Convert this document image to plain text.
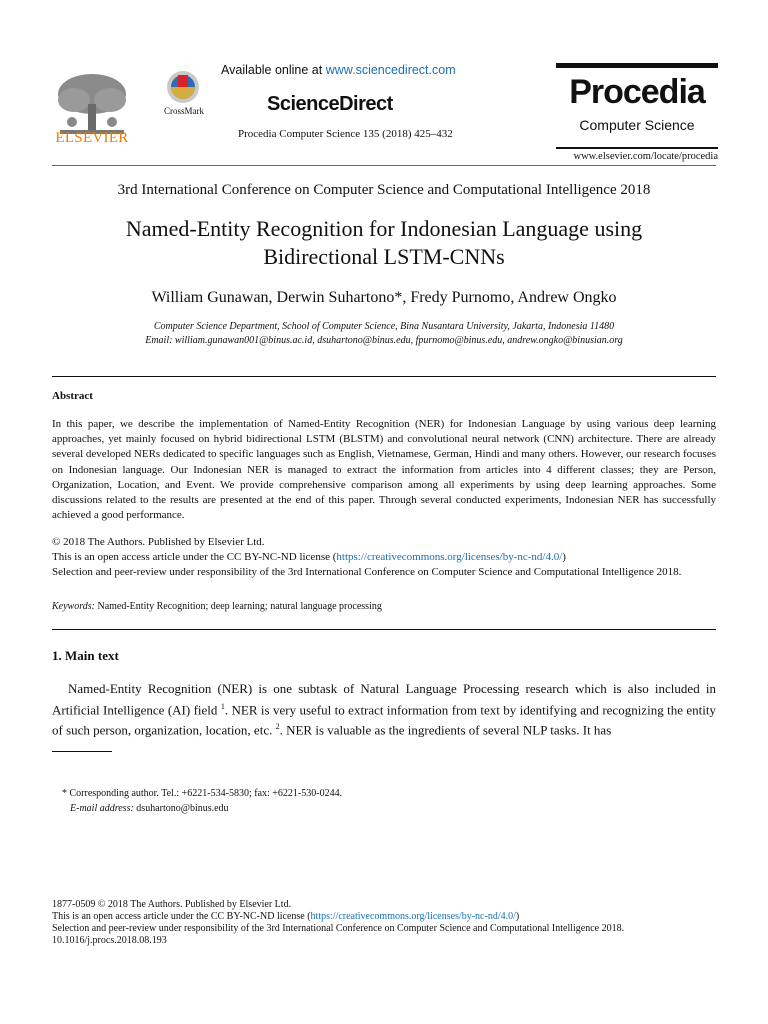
ELSEVIER
CrossMark
Available online at www.sciencedirect.com
ScienceDirect
Procedia Computer Science 135 (2018) 425–432
Procedia
Computer Science
www.elsevier.com/locate/procedia
3rd International Conference on Computer Science and Computational Intelligence 2018
Named-Entity Recognition for Indonesian Language using
Bidirectional LSTM-CNNs
William Gunawan, Derwin Suhartono*, Fredy Purnomo, Andrew Ongko
Computer Science Department, School of Computer Science, Bina Nusantara University, Jakarta, Indonesia 11480
Email: william.gunawan001@binus.ac.id, dsuhartono@binus.edu, fpurnomo@binus.edu, andrew.ongko@binusian.org
Abstract
In this paper, we describe the implementation of Named-Entity Recognition (NER) for Indonesian Language by using various deep learning approaches, yet mainly focused on hybrid bidirectional LSTM (BLSTM) and convolutional neural network (CNN) architecture. There are already several developed NERs dedicated to specific languages such as English, Vietnamese, German, Hindi and many others. However, our research focuses on Indonesian language. Our Indonesian NER is managed to extract the information from articles into 4 different classes; they are Person, Organization, Location, and Event. We provide comprehensive comparison among all experiments by using deep learning approaches. Some discussions related to the results are presented at the end of this paper. Through several conducted experiments, Indonesian NER has successfully achieved a good performance.
© 2018 The Authors. Published by Elsevier Ltd.
This is an open access article under the CC BY-NC-ND license (https://creativecommons.org/licenses/by-nc-nd/4.0/)
Selection and peer-review under responsibility of the 3rd International Conference on Computer Science and Computational Intelligence 2018.
Keywords: Named-Entity Recognition; deep learning; natural language processing
1. Main text
Named-Entity Recognition (NER) is one subtask of Natural Language Processing research which is also included in Artificial Intelligence (AI) field $^1$. NER is very useful to extract information from text by identifying and recognizing the entity of such person, organization, location, etc. $^2$. NER is valuable as the ingredients of several NLP tasks. It has
* Corresponding author. Tel.: +6221-534-5830; fax: +6221-530-0244.
E-mail address: dsuhartono@binus.edu
1877-0509 © 2018 The Authors. Published by Elsevier Ltd.
This is an open access article under the CC BY-NC-ND license (https://creativecommons.org/licenses/by-nc-nd/4.0/)
Selection and peer-review under responsibility of the 3rd International Conference on Computer Science and Computational Intelligence 2018.
10.1016/j.procs.2018.08.193
